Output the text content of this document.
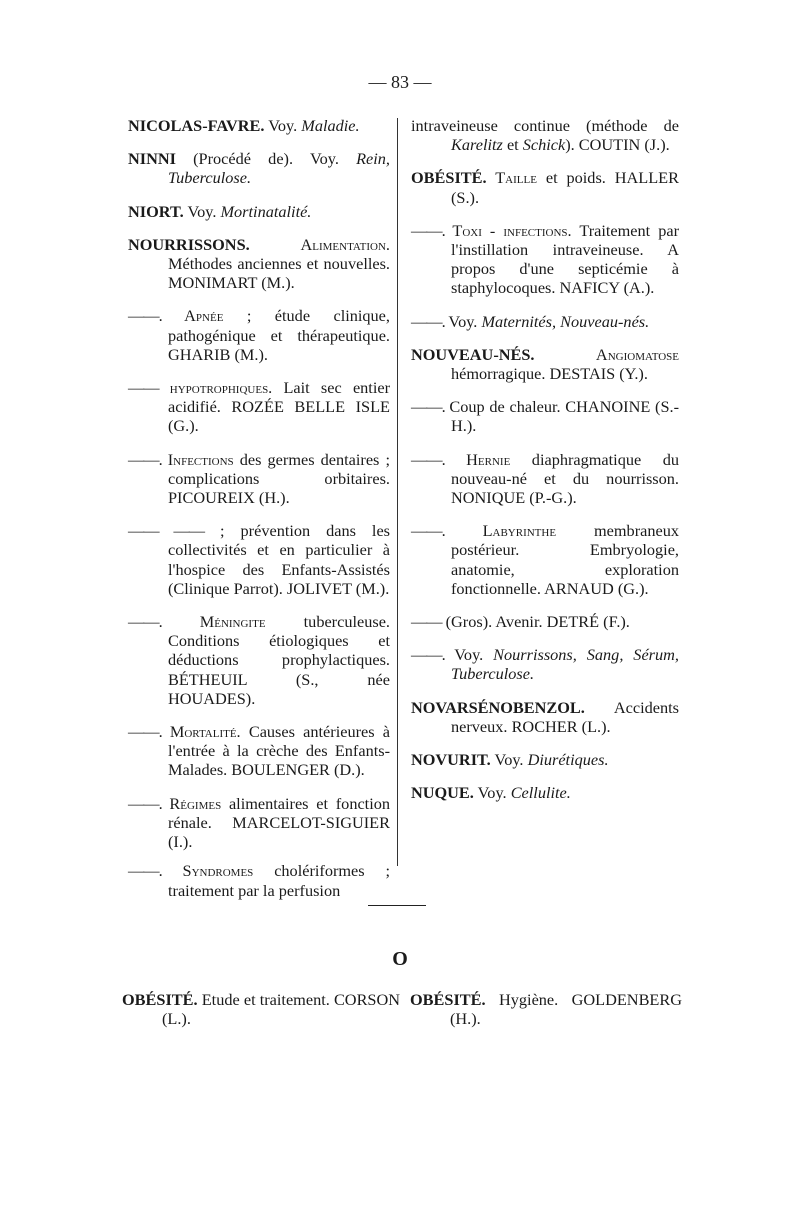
— 83 —

NICOLAS-FAVRE. Voy. Maladie.

NINNI (Procédé de). Voy. Rein, Tuberculose.

NIORT. Voy. Mortinatalité.

NOURRISSONS. Alimentation. Méthodes anciennes et nouvelles. MONIMART (M.).

——. Apnée ; étude clinique, pathogénique et thérapeutique. GHARIB (M.).

—— hypotrophiques. Lait sec entier acidifié. ROZÉE BELLE ISLE (G.).

——. Infections des germes dentaires ; complications orbitaires. PICOUREIX (H.).

—— —— ; prévention dans les collectivités et en particulier à l'hospice des Enfants-Assistés (Clinique Parrot). JOLIVET (M.).

——. Méningite tuberculeuse. Conditions étiologiques et déductions prophylactiques. BÉTHEUIL (S., née HOUADES).

——. Mortalité. Causes antérieures à l'entrée à la crèche des Enfants-Malades. BOULENGER (D.).

——. Régimes alimentaires et fonction rénale. MARCELOT-SIGUIER (I.).

——. Syndromes cholériformes ; traitement par la perfusion

intraveineuse continue (méthode de Karelitz et Schick). COUTIN (J.).

OBÉSITÉ. Taille et poids. HALLER (S.).

——. Toxi - infections. Traitement par l'instillation intraveineuse. A propos d'une septicémie à staphylocoques. NAFICY (A.).

——. Voy. Maternités, Nouveau-nés.

NOUVEAU-NÉS. Angiomatose hémorragique. DESTAIS (Y.).

——. Coup de chaleur. CHANOINE (S.-H.).

——. Hernie diaphragmatique du nouveau-né et du nourrisson. NONIQUE (P.-G.).

——. Labyrinthe membraneux postérieur. Embryologie, anatomie, exploration fonctionnelle. ARNAUD (G.).

—— (Gros). Avenir. DETRÉ (F.).

——. Voy. Nourrissons, Sang, Sérum, Tuberculose.

NOVARSÉNOBENZOL. Accidents nerveux. ROCHER (L.).

NOVURIT. Voy. Diurétiques.

NUQUE. Voy. Cellulite.

O

OBÉSITÉ. Etude et traitement. CORSON (L.).

OBÉSITÉ. Hygiène. GOLDENBERG (H.).
